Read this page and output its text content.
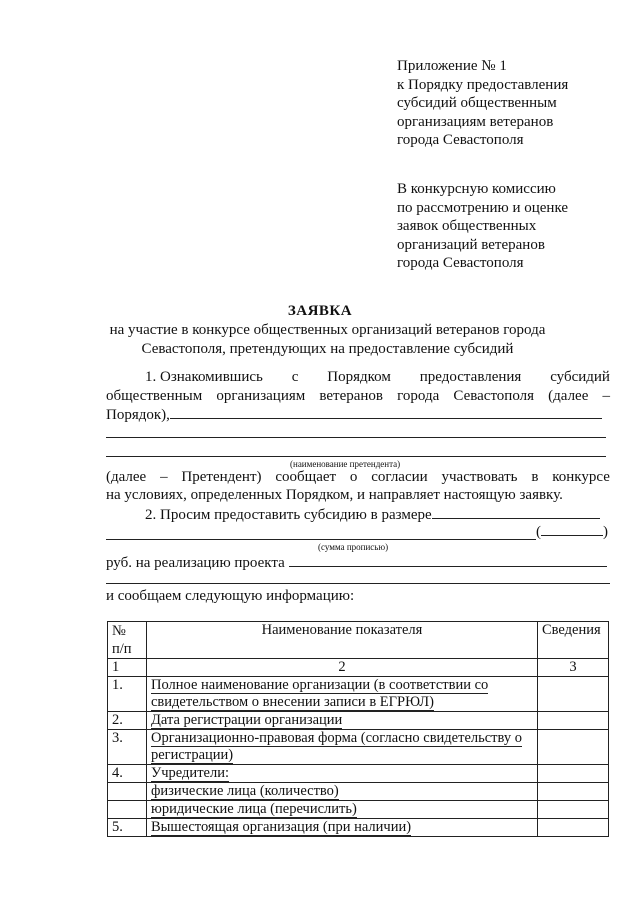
Приложение № 1
к Порядку предоставления
субсидий общественным
организациям ветеранов
города Севастополя
В конкурсную комиссию
по рассмотрению и оценке
заявок общественных
организаций ветеранов
города Севастополя
ЗАЯВКА
на участие в конкурсе общественных организаций ветеранов города
Севастополя, претендующих на предоставление субсидий
1. Ознакомившись с Порядком предоставления субсидий
общественным организациям ветеранов города Севастополя (далее –
Порядок),
(наименование претендента)
(далее – Претендент) сообщает о согласии участвовать в конкурсе
на условиях, определенных Порядком, и направляет настоящую заявку.
2. Просим предоставить субсидию в размере
(	)
(сумма прописью)
руб. на реализацию проекта
и сообщаем следующую информацию:
№
п/п	Наименование показателя	Сведения
1	2	3
1.	Полное наименование организации (в соответствии со свидетельством о внесении записи в ЕГРЮЛ)	
2.	Дата регистрации организации	
3.	Организационно-правовая форма (согласно свидетельству о регистрации)	
4.	Учредители:	
	физические лица (количество)	
	юридические лица (перечислить)	
5.	Вышестоящая организация (при наличии)	
